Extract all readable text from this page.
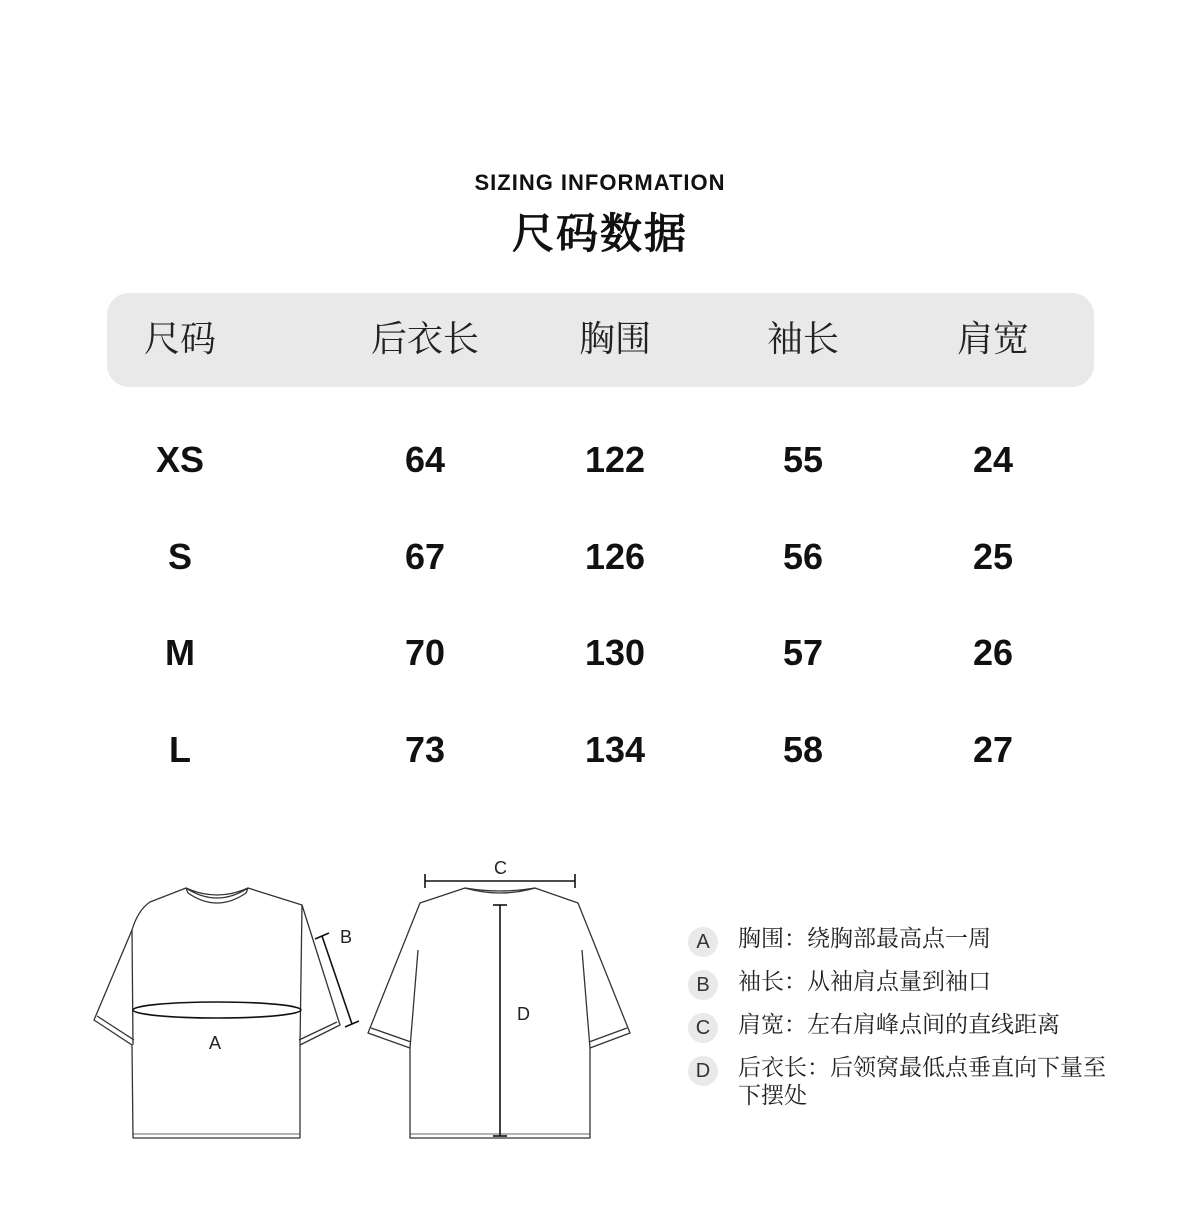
SIZING INFORMATION
尺码数据
尺码	后衣长	胸围	袖长	肩宽
XS	64	122	55	24
S	67	126	56	25
M	70	130	57	26
L	73	134	58	27
A
B
C
D
A	胸围：绕胸部最高点一周
B	袖长：从袖肩点量到袖口
C	肩宽：左右肩峰点间的直线距离
D	后衣长：后领窝最低点垂直向下量至下摆处
